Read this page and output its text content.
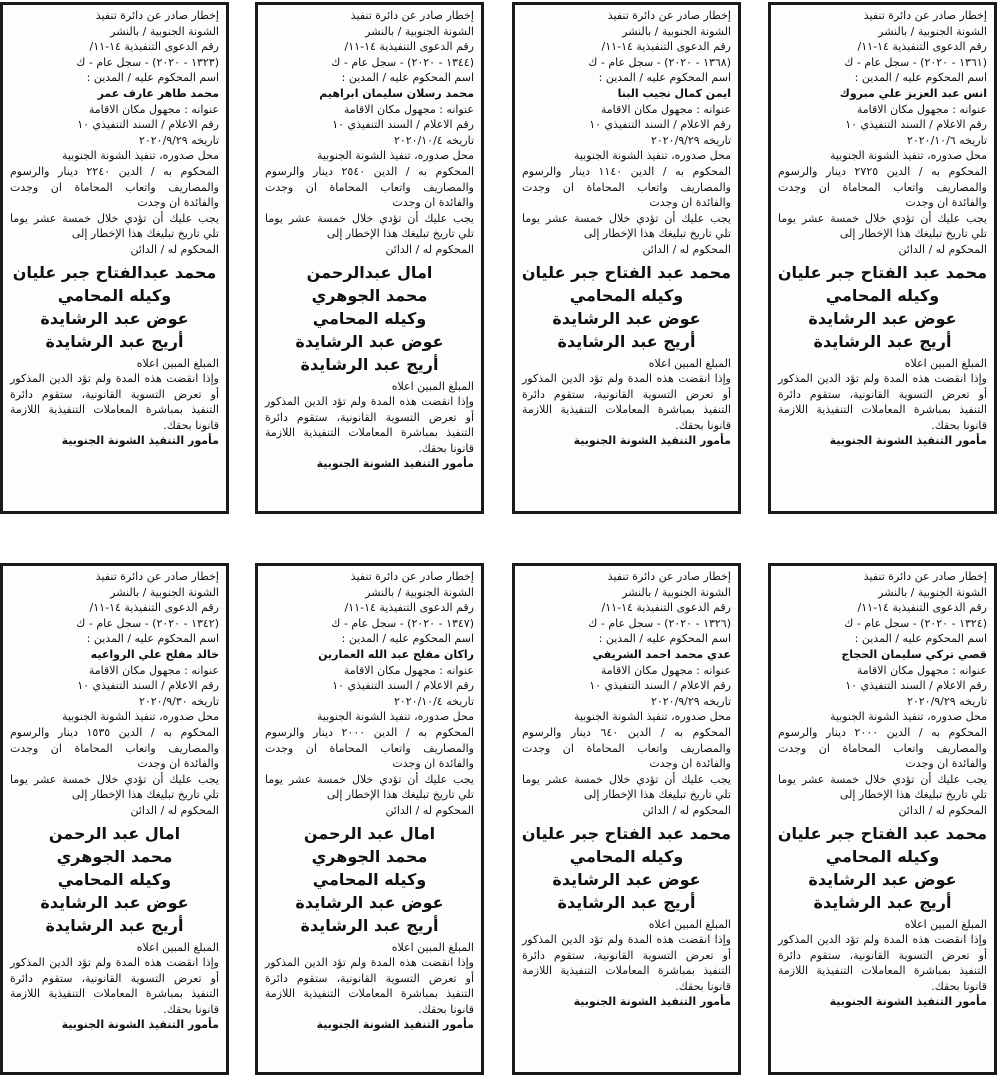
إخطار صادر عن دائرة تنفيذ
الشونة الجنوبية / بالنشر
رقم الدعوى التنفيذية ١٤-١١/
(١٣٦١ - ٢٠٢٠) - سجل عام - ك
اسم المحكوم عليه / المدين :
انس عبد العزيز علي مبروك
عنوانه : مجهول مكان الاقامة
رقم الاعلام / السند التنفيذي ١٠
تاريخه ٢٠٢٠/١٠/٦
محل صدوره، تنفيذ الشونة الجنوبية
المحكوم به / الدين ٢٧٢٥ دينار والرسوم والمصاريف واتعاب المحاماة ان وجدت والفائدة ان وجدت
يجب عليك أن تؤدي خلال خمسة عشر يوما تلي تاريخ تبليغك هذا الإخطار إلى
المحكوم له / الدائن
محمد عبد الفتاح جبر عليان
وكيله المحامي
عوض عبد الرشايدة
أريج عبد الرشايدة
المبلغ المبين اعلاه
وإذا انقضت هذه المدة ولم تؤد الدين المذكور أو تعرض التسوية القانونية، ستقوم دائرة التنفيذ بمباشرة المعاملات التنفيذية اللازمة قانونا بحقك.
مأمور التنفيذ الشونة الجنوبية
إخطار صادر عن دائرة تنفيذ
الشونة الجنوبية / بالنشر
رقم الدعوى التنفيذية ١٤-١١/
(١٣٦٨ - ٢٠٢٠) - سجل عام - ك
اسم المحكوم عليه / المدين :
ايمن كمال نجيب البنا
عنوانه : مجهول مكان الاقامة
رقم الاعلام / السند التنفيذي ١٠
تاريخه ٢٠٢٠/٩/٢٩
محل صدوره، تنفيذ الشونة الجنوبية
المحكوم به / الدين ١١٤٠ دينار والرسوم والمصاريف واتعاب المحاماة ان وجدت والفائدة ان وجدت
يجب عليك أن تؤدي خلال خمسة عشر يوما تلي تاريخ تبليغك هذا الإخطار إلى
المحكوم له / الدائن
محمد عبد الفتاح جبر عليان
وكيله المحامي
عوض عبد الرشايدة
أريج عبد الرشايدة
المبلغ المبين اعلاه
وإذا انقضت هذه المدة ولم تؤد الدين المذكور أو تعرض التسوية القانونية، ستقوم دائرة التنفيذ بمباشرة المعاملات التنفيذية اللازمة قانونا بحقك.
مأمور التنفيذ الشونة الجنوبية
إخطار صادر عن دائرة تنفيذ
الشونة الجنوبية / بالنشر
رقم الدعوى التنفيذية ١٤-١١/
(١٣٤٤ - ٢٠٢٠) - سجل عام - ك
اسم المحكوم عليه / المدين :
محمد رسلان سليمان ابراهيم
عنوانه : مجهول مكان الاقامة
رقم الاعلام / السند التنفيذي ١٠
تاريخه ٢٠٢٠/١٠/٤
محل صدوره، تنفيذ الشونة الجنوبية
المحكوم به / الدين ٢٥٤٠ دينار والرسوم والمصاريف واتعاب المحاماة ان وجدت والفائدة ان وجدت
يجب عليك أن تؤدي خلال خمسة عشر يوما تلي تاريخ تبليغك هذا الإخطار إلى
المحكوم له / الدائن
امال عبدالرحمن
محمد الجوهري
وكيله المحامي
عوض عبد الرشايدة
أريج عبد الرشايدة
المبلغ المبين اعلاه
وإذا انقضت هذه المدة ولم تؤد الدين المذكور أو تعرض التسوية القانونية، ستقوم دائرة التنفيذ بمباشرة المعاملات التنفيذية اللازمة قانونا بحقك.
مأمور التنفيذ الشونة الجنوبية
إخطار صادر عن دائرة تنفيذ
الشونة الجنوبية / بالنشر
رقم الدعوى التنفيذية ١٤-١١/
(١٣٢٣ - ٢٠٢٠) - سجل عام - ك
اسم المحكوم عليه / المدين :
محمد طاهر عارف عمر
عنوانه : مجهول مكان الاقامة
رقم الاعلام / السند التنفيذي ١٠
تاريخه ٢٠٢٠/٩/٢٩
محل صدوره، تنفيذ الشونة الجنوبية
المحكوم به / الدين ٢٢٤٠ دينار والرسوم والمصاريف واتعاب المحاماة ان وجدت والفائدة ان وجدت
يجب عليك أن تؤدي خلال خمسة عشر يوما تلي تاريخ تبليغك هذا الإخطار إلى
المحكوم له / الدائن
محمد عبدالفتاح جبر عليان
وكيله المحامي
عوض عبد الرشايدة
أريج عبد الرشايدة
المبلغ المبين اعلاه
وإذا انقضت هذه المدة ولم تؤد الدين المذكور أو تعرض التسوية القانونية، ستقوم دائرة التنفيذ بمباشرة المعاملات التنفيذية اللازمة قانونا بحقك.
مأمور التنفيذ الشونة الجنوبية
إخطار صادر عن دائرة تنفيذ
الشونة الجنوبية / بالنشر
رقم الدعوى التنفيذية ١٤-١١/
(١٣٢٤ - ٢٠٢٠) - سجل عام - ك
اسم المحكوم عليه / المدين :
قصي تركي سليمان الحجاج
عنوانه : مجهول مكان الاقامة
رقم الاعلام / السند التنفيذي ١٠
تاريخه ٢٠٢٠/٩/٢٩
محل صدوره، تنفيذ الشونة الجنوبية
المحكوم به / الدين ٢٠٠٠ دينار والرسوم والمصاريف واتعاب المحاماة ان وجدت والفائدة ان وجدت
يجب عليك أن تؤدي خلال خمسة عشر يوما تلي تاريخ تبليغك هذا الإخطار إلى
المحكوم له / الدائن
محمد عبد الفتاح جبر عليان
وكيله المحامي
عوض عبد الرشايدة
أريج عبد الرشايدة
المبلغ المبين اعلاه
وإذا انقضت هذه المدة ولم تؤد الدين المذكور أو تعرض التسوية القانونية، ستقوم دائرة التنفيذ بمباشرة المعاملات التنفيذية اللازمة قانونا بحقك.
مأمور التنفيذ الشونة الجنوبية
إخطار صادر عن دائرة تنفيذ
الشونة الجنوبية / بالنشر
رقم الدعوى التنفيذية ١٤-١١/
(١٣٢٦ - ٢٠٢٠) - سجل عام - ك
اسم المحكوم عليه / المدين :
عدي محمد احمد الشريفي
عنوانه : مجهول مكان الاقامة
رقم الاعلام / السند التنفيذي ١٠
تاريخه ٢٠٢٠/٩/٢٩
محل صدوره، تنفيذ الشونة الجنوبية
المحكوم به / الدين ٦٤٠ دينار والرسوم والمصاريف واتعاب المحاماة ان وجدت والفائدة ان وجدت
يجب عليك أن تؤدي خلال خمسة عشر يوما تلي تاريخ تبليغك هذا الإخطار إلى
المحكوم له / الدائن
محمد عبد الفتاح جبر عليان
وكيله المحامي
عوض عبد الرشايدة
أريج عبد الرشايدة
المبلغ المبين اعلاه
وإذا انقضت هذه المدة ولم تؤد الدين المذكور أو تعرض التسوية القانونية، ستقوم دائرة التنفيذ بمباشرة المعاملات التنفيذية اللازمة قانونا بحقك.
مأمور التنفيذ الشونة الجنوبية
إخطار صادر عن دائرة تنفيذ
الشونة الجنوبية / بالنشر
رقم الدعوى التنفيذية ١٤-١١/
(١٣٤٧ - ٢٠٢٠) - سجل عام - ك
اسم المحكوم عليه / المدين :
راكان مفلح عبد الله العمارين
عنوانه : مجهول مكان الاقامة
رقم الاعلام / السند التنفيذي ١٠
تاريخه ٢٠٢٠/١٠/٤
محل صدوره، تنفيذ الشونة الجنوبية
المحكوم به / الدين ٢٠٠٠ دينار والرسوم والمصاريف واتعاب المحاماة ان وجدت والفائدة ان وجدت
يجب عليك أن تؤدي خلال خمسة عشر يوما تلي تاريخ تبليغك هذا الإخطار إلى
المحكوم له / الدائن
امال عبد الرحمن
محمد الجوهري
وكيله المحامي
عوض عبد الرشايدة
أريج عبد الرشايدة
المبلغ المبين اعلاه
وإذا انقضت هذه المدة ولم تؤد الدين المذكور أو تعرض التسوية القانونية، ستقوم دائرة التنفيذ بمباشرة المعاملات التنفيذية اللازمة قانونا بحقك.
مأمور التنفيذ الشونة الجنوبية
إخطار صادر عن دائرة تنفيذ
الشونة الجنوبية / بالنشر
رقم الدعوى التنفيذية ١٤-١١/
(١٣٤٢ - ٢٠٢٠) - سجل عام - ك
اسم المحكوم عليه / المدين :
خالد مفلح علي الرواعيه
عنوانه : مجهول مكان الاقامة
رقم الاعلام / السند التنفيذي ١٠
تاريخه ٢٠٢٠/٩/٣٠
محل صدوره، تنفيذ الشونة الجنوبية
المحكوم به / الدين ١٥٣٥ دينار والرسوم والمصاريف واتعاب المحاماة ان وجدت والفائدة ان وجدت
يجب عليك أن تؤدي خلال خمسة عشر يوما تلي تاريخ تبليغك هذا الإخطار إلى
المحكوم له / الدائن
امال عبد الرحمن
محمد الجوهري
وكيله المحامي
عوض عبد الرشايدة
أريج عبد الرشايدة
المبلغ المبين اعلاه
وإذا انقضت هذه المدة ولم تؤد الدين المذكور أو تعرض التسوية القانونية، ستقوم دائرة التنفيذ بمباشرة المعاملات التنفيذية اللازمة قانونا بحقك.
مأمور التنفيذ الشونة الجنوبية
